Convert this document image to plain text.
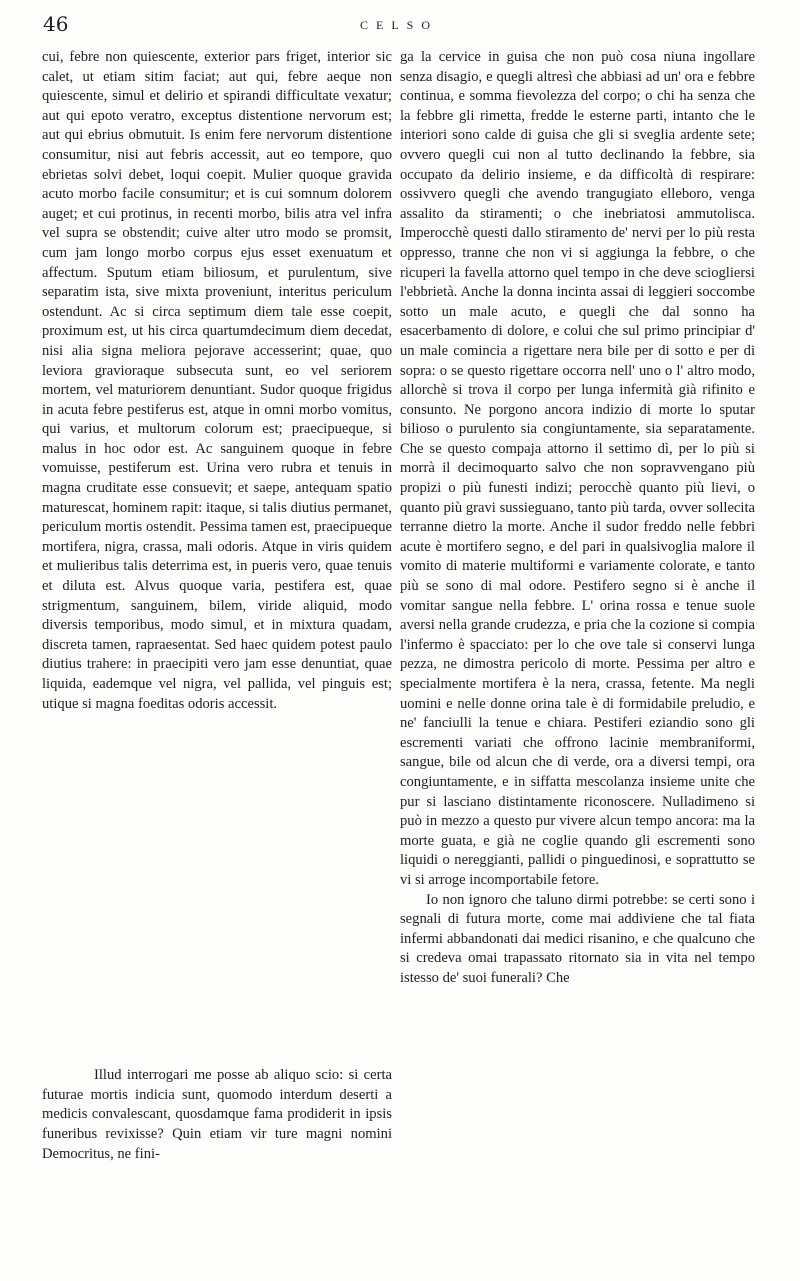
46	CELSO

cui, febre non quiescente, exterior pars friget, interior sic calet, ut etiam sitim faciat; aut qui, febre aeque non quiescente, simul et delirio et spirandi difficultate vexatur; aut qui epoto veratro, exceptus distentione nervorum est; aut qui ebrius obmutuit. Is enim fere nervorum distentione consumitur, nisi aut febris accessit, aut eo tempore, quo ebrietas solvi debet, loqui coepit. Mulier quoque gravida acuto morbo facile consumitur; et is cui somnum dolorem auget; et cui protinus, in recenti morbo, bilis atra vel infra vel supra se obstendit; cuive alter utro modo se promsit, cum jam longo morbo corpus ejus esset exenuatum et affectum. Sputum etiam biliosum, et purulentum, sive separatim ista, sive mixta proveniunt, interitus periculum ostendunt. Ac si circa septimum diem tale esse coepit, proximum est, ut his circa quartumdecimum diem decedat, nisi alia signa meliora pejorave accesserint; quae, quo leviora gravioraque subsecuta sunt, eo vel seriorem mortem, vel maturiorem denuntiant. Sudor quoque frigidus in acuta febre pestiferus est, atque in omni morbo vomitus, qui varius, et multorum colorum est; praecipueque, si malus in hoc odor est. Ac sanguinem quoque in febre vomuisse, pestiferum est. Urina vero rubra et tenuis in magna cruditate esse consuevit; et saepe, antequam spatio maturescat, hominem rapit: itaque, si talis diutius permanet, periculum mortis ostendit. Pessima tamen est, praecipueque mortifera, nigra, crassa, mali odoris. Atque in viris quidem et mulieribus talis deterrima est, in pueris vero, quae tenuis et diluta est. Alvus quoque varia, pestifera est, quae strigmentum, sanguinem, bilem, viride aliquid, modo diversis temporibus, modo simul, et in mixtura quadam, discreta tamen, rapraesentat. Sed haec quidem potest paulo diutius trahere: in praecipiti vero jam esse denuntiat, quae liquida, eademque vel nigra, vel pallida, vel pinguis est; utique si magna foeditas odoris accessit.

Illud interrogari me posse ab aliquo scio: si certa futurae mortis indicia sunt, quomodo interdum deserti a medicis convalescant, quosdamque fama prodiderit in ipsis funeribus revixisse? Quin etiam vir ture magni nomini Democritus, ne fini-

ga la cervice in guisa che non può cosa niuna ingollare senza disagio, e quegli altresì che abbiasi ad un' ora e febbre continua, e somma fievolezza del corpo; o chi ha senza che la febbre gli rimetta, fredde le esterne parti, intanto che le interiori sono calde di guisa che gli si sveglia ardente sete; ovvero quegli cui non al tutto declinando la febbre, sia occupato da delirio insieme, e da difficoltà di respirare: ossivvero quegli che avendo trangugiato elleboro, venga assalito da stiramenti; o che inebriatosi ammutolisca. Imperocchè questi dallo stiramento de' nervi per lo più resta oppresso, tranne che non vi si aggiunga la febbre, o che ricuperi la favella attorno quel tempo in che deve sciogliersi l'ebbrietà. Anche la donna incinta assai di leggieri soccombe sotto un male acuto, e quegli che dal sonno ha esacerbamento di dolore, e colui che sul primo principiar d' un male comincia a rigettare nera bile per di sotto e per di sopra: o se questo rigettare occorra nell' uno o l' altro modo, allorchè si trova il corpo per lunga infermità già rifinito e consunto. Ne porgono ancora indizio di morte lo sputar bilioso o purulento sia congiuntamente, sia separatamente. Che se questo compaja attorno il settimo dì, per lo più si morrà il decimoquarto salvo che non sopravvengano più propizi o più funesti indizi; perocchè quanto più lievi, o quanto più gravi sussieguano, tanto più tarda, ovver sollecita terranne dietro la morte. Anche il sudor freddo nelle febbri acute è mortifero segno, e del pari in qualsivoglia malore il vomito di materie multiformi e variamente colorate, e tanto più se sono di mal odore. Pestifero segno si è anche il vomitar sangue nella febbre. L' orina rossa e tenue suole aversi nella grande crudezza, e pria che la cozione si compia l'infermo è spacciato: per lo che ove tale si conservi lunga pezza, ne dimostra pericolo di morte. Pessima per altro e specialmente mortifera è la nera, crassa, fetente. Ma negli uomini e nelle donne orina tale è di formidabile preludio, e ne' fanciulli la tenue e chiara. Pestiferi eziandio sono gli escrementi variati che offrono lacinie membraniformi, sangue, bile od alcun che di verde, ora a diversi tempi, ora congiuntamente, e in siffatta mescolanza insieme unite che pur si lasciano distintamente riconoscere. Nulladimeno si può in mezzo a questo pur vivere alcun tempo ancora: ma la morte guata, e già ne coglie quando gli escrementi sono liquidi o nereggianti, pallidi o pinguedinosi, e soprattutto se vi si arroge incomportabile fetore.

Io non ignoro che taluno dirmi potrebbe: se certi sono i segnali di futura morte, come mai addiviene che tal fiata infermi abbandonati dai medici risanino, e che qualcuno che si credeva omai trapassato ritornato sia in vita nel tempo istesso de' suoi funerali? Che
